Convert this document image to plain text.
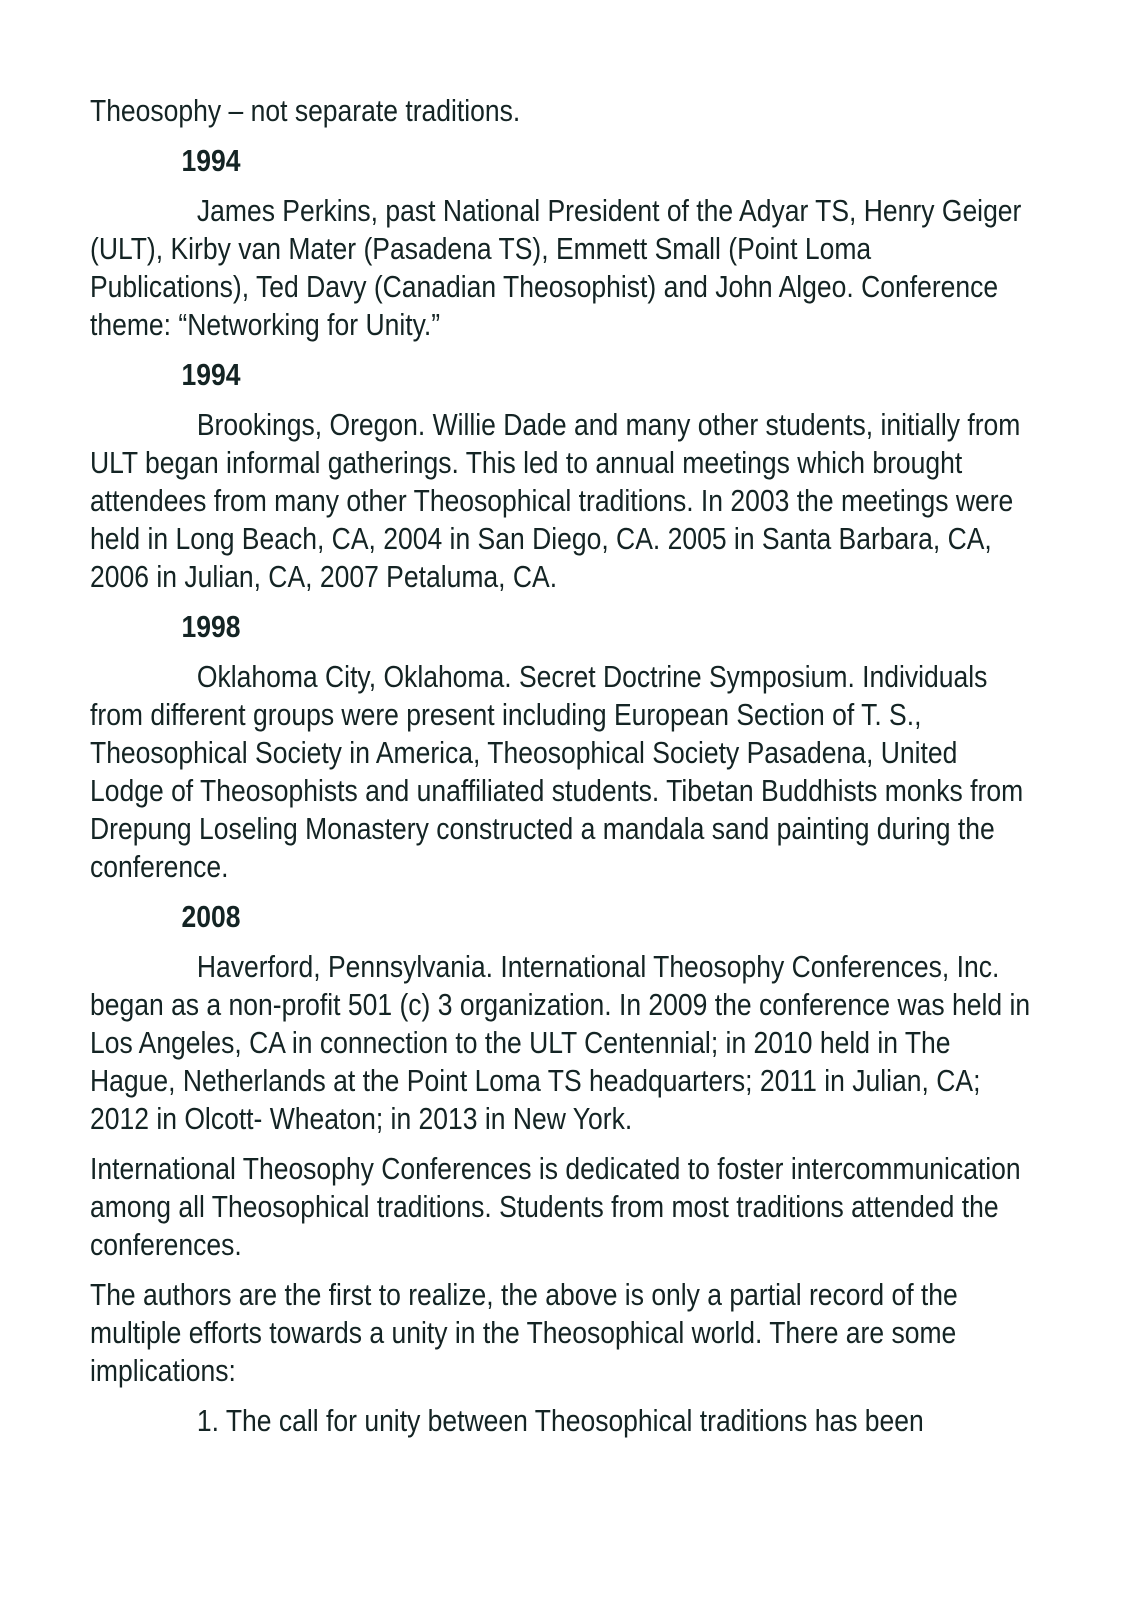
Theosophy – not separate traditions.

1994

James Perkins, past National President of the Adyar TS, Henry Geiger (ULT), Kirby van Mater (Pasadena TS), Emmett Small (Point Loma Publications), Ted Davy (Canadian Theosophist) and John Algeo. Conference theme: “Networking for Unity.”

1994

Brookings, Oregon. Willie Dade and many other students, initially from ULT began informal gatherings. This led to annual meetings which brought attendees from many other Theosophical traditions. In 2003 the meetings were held in Long Beach, CA, 2004 in San Diego, CA. 2005 in Santa Barbara, CA, 2006 in Julian, CA, 2007 Petaluma, CA.

1998

Oklahoma City, Oklahoma. Secret Doctrine Symposium. Individuals from different groups were present including European Section of T. S., Theosophical Society in America, Theosophical Society Pasadena, United Lodge of Theosophists and unaffiliated students. Tibetan Buddhists monks from Drepung Loseling Monastery constructed a mandala sand painting during the conference.

2008

Haverford, Pennsylvania. International Theosophy Conferences, Inc. began as a non-profit 501 (c) 3 organization. In 2009 the conference was held in Los Angeles, CA in connection to the ULT Centennial; in 2010 held in The Hague, Netherlands at the Point Loma TS headquarters; 2011 in Julian, CA; 2012 in Olcott- Wheaton; in 2013 in New York.

International Theosophy Conferences is dedicated to foster intercommunication among all Theosophical traditions. Students from most traditions attended the conferences.

The authors are the first to realize, the above is only a partial record of the multiple efforts towards a unity in the Theosophical world. There are some implications:

1. The call for unity between Theosophical traditions has been
